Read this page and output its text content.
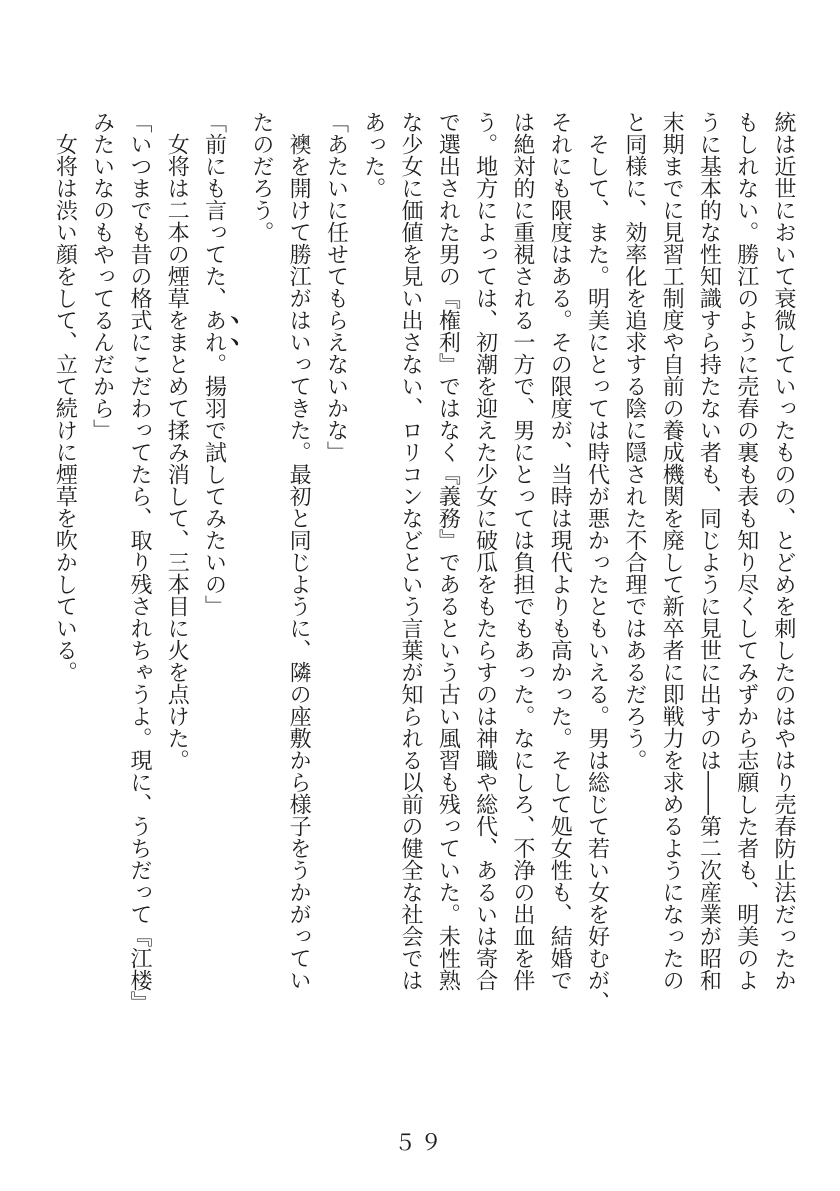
統は近世において衰微していったものの、とどめを刺したのはやはり売春防止法だったか
もしれない。勝江のように売春の裏も表も知り尽くしてみずから志願した者も、明美のよ
うに基本的な性知識すら持たない者も、同じように見世に出すのは――第二次産業が昭和
末期までに見習工制度や自前の養成機関を廃して新卒者に即戦力を求めるようになったの
と同様に、効率化を追求する陰に隠された不合理ではあるだろう。
　そして、また。明美にとっては時代が悪かったともいえる。男は総じて若い女を好むが、
それにも限度はある。その限度が、当時は現代よりも高かった。そして処女性も、結婚で
は絶対的に重視される一方で、男にとっては負担でもあった。なにしろ、不浄の出血を伴
う。地方によっては、初潮を迎えた少女に破瓜をもたらすのは神職や総代、あるいは寄合
で選出された男の『権利』ではなく『義務』であるという古い風習も残っていた。未性熟
な少女に価値を見い出さない、ロリコンなどという言葉が知られる以前の健全な社会では
あった。
「あたいに任せてもらえないかな」
　襖を開けて勝江がはいってきた。最初と同じように、隣の座敷から様子をうかがってい
たのだろう。
「前にも言ってた、あれ。揚羽で試してみたいの」
　女将は二本の煙草をまとめて揉み消して、三本目に火を点けた。
「いつまでも昔の格式にこだわってたら、取り残されちゃうよ。現に、うちだって『江楼』
みたいなのもやってるんだから」
　女将は渋い顔をして、立て続けに煙草を吹かしている。
５９
